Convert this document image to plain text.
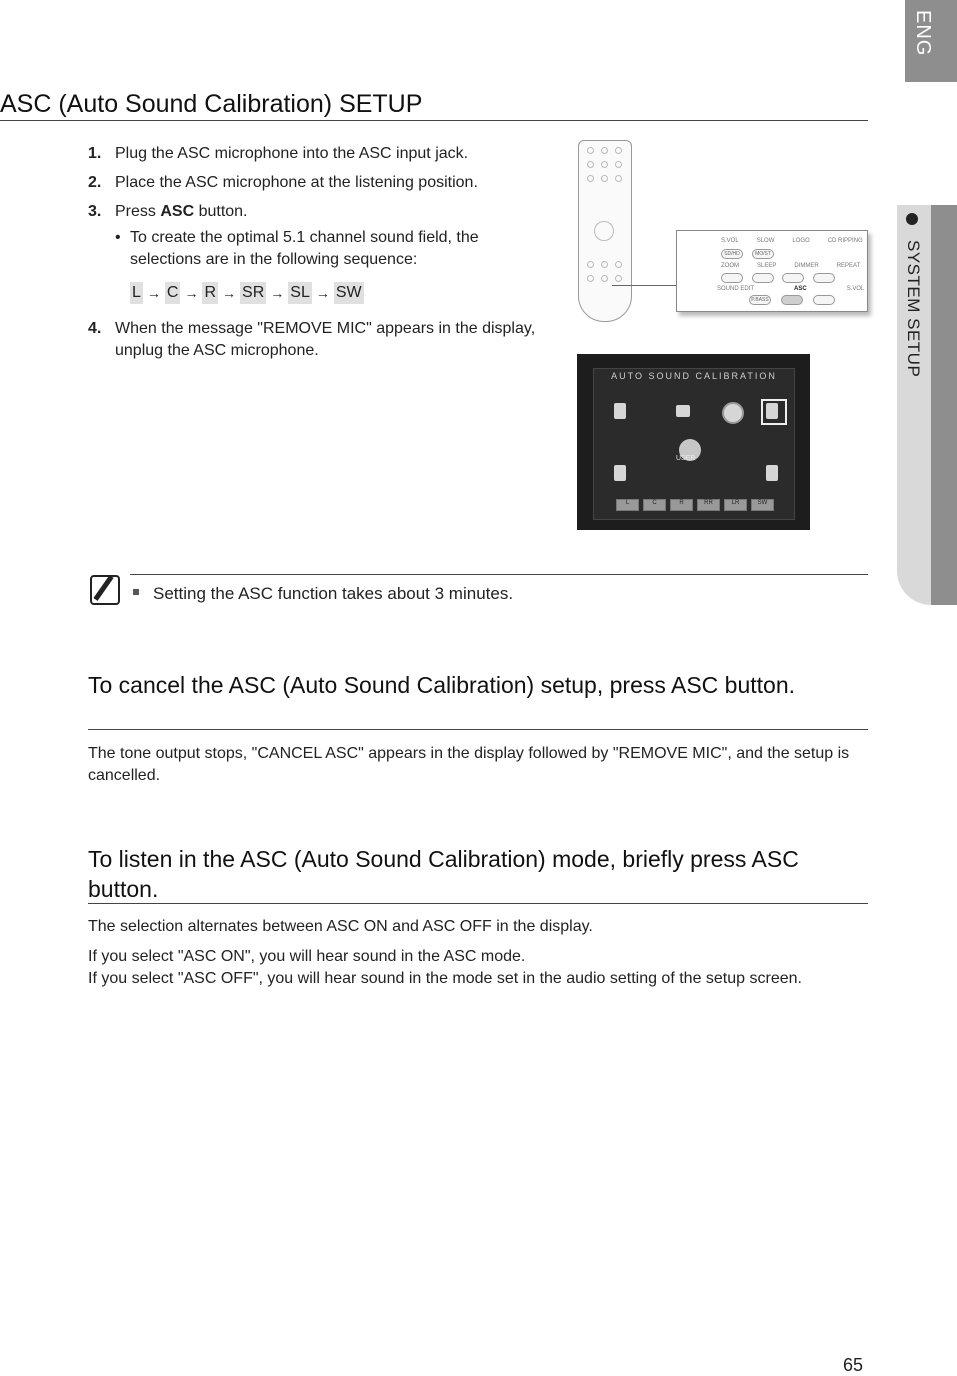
ENG
SYSTEM SETUP
ASC (Auto Sound Calibration) SETUP
1. Plug the ASC microphone into the ASC input jack.
2. Place the ASC microphone at the listening position.
3. Press ASC button.
• To create the optimal 5.1 channel sound field, the selections are in the following sequence:
L → C → R → SR → SL → SW
4. When the message "REMOVE MIC" appears in the display, unplug the ASC microphone.
S.VOL	SLOW	LOGO	CD RIPPING
SD/HD	MO/ST
ZOOM	SLEEP	DIMMER	REPEAT
SOUND EDIT	ASC	S.VOL
P.BASS
AUTO SOUND CALIBRATION
USER
L	C	R	RR	LR	SW
Setting the ASC function takes about 3 minutes.
To cancel the ASC (Auto Sound Calibration) setup, press ASC button.
The tone output stops, "CANCEL ASC" appears in the display followed by "REMOVE MIC", and the setup is cancelled.
To listen in the ASC (Auto Sound Calibration) mode, briefly press ASC button.
The selection alternates between ASC ON and ASC OFF in the display.
If you select "ASC ON", you will hear sound in the ASC mode.
If you select "ASC OFF", you will hear sound in the mode set in the audio setting of the setup screen.
65
